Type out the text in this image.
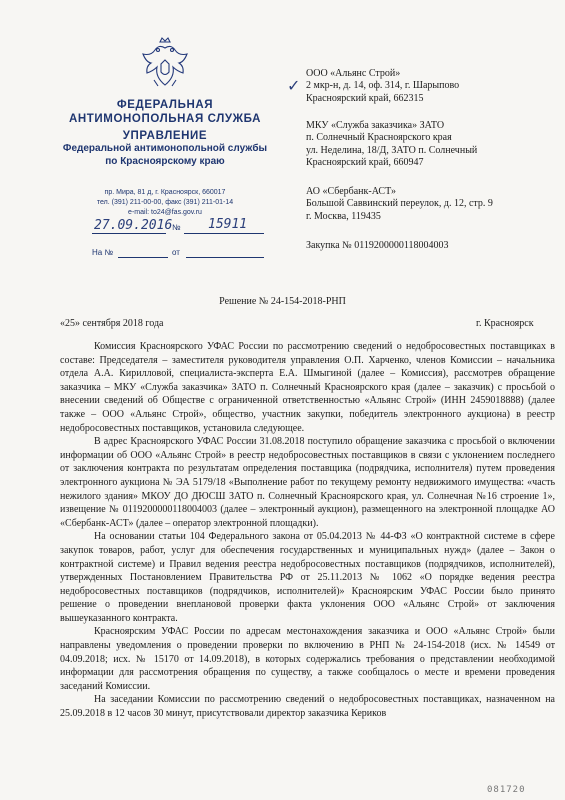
ФЕДЕРАЛЬНАЯ
АНТИМОНОПОЛЬНАЯ СЛУЖБА
УПРАВЛЕНИЕ
Федеральной антимонопольной службы
по Красноярскому краю
пр. Мира, 81 д, г. Красноярск, 660017
тел. (391) 211-00-00, факс (391) 211-01-14
e-mail: to24@fas.gov.ru
27.09.2016 № 15911
На №	от
✓
ООО «Альянс Строй»
2 мкр-н, д. 14, оф. 314, г. Шарыпово
Красноярский край, 662315
МКУ «Служба заказчика» ЗАТО
п. Солнечный Красноярского края
ул. Неделина, 18/Д, ЗАТО п. Солнечный
Красноярский край, 660947
АО «Сбербанк-АСТ»
Большой Саввинский переулок, д. 12, стр. 9
г. Москва, 119435
Закупка № 0119200000118004003
Решение № 24-154-2018-РНП
«25» сентября 2018 года	г. Красноярск

Комиссия Красноярского УФАС России по рассмотрению сведений о недобросовестных поставщиках в составе: Председателя – заместителя руководителя управления О.П. Харченко, членов Комиссии – начальника отдела А.А. Кирилловой, специалиста-эксперта Е.А. Шмыгиной (далее – Комиссия), рассмотрев обращение заказчика – МКУ «Служба заказчика» ЗАТО п. Солнечный Красноярского края (далее – заказчик) с просьбой о внесении сведений об Обществе с ограниченной ответственностью «Альянс Строй» (ИНН 2459018888) (далее также – ООО «Альянс Строй», общество, участник закупки, победитель электронного аукциона) в реестр недобросовестных поставщиков, установила следующее.

В адрес Красноярского УФАС России 31.08.2018 поступило обращение заказчика с просьбой о включении информации об ООО «Альянс Строй» в реестр недобросовестных поставщиков в связи с уклонением последнего от заключения контракта по результатам определения поставщика (подрядчика, исполнителя) путем проведения электронного аукциона № ЭА 5179/18 «Выполнение работ по текущему ремонту недвижимого имущества: «часть нежилого здания» МКОУ ДО ДЮСШ ЗАТО п. Солнечный Красноярского края, ул. Солнечная №16 строение 1», извещение № 0119200000118004003 (далее – электронный аукцион), размещенного на электронной площадке АО «Сбербанк-АСТ» (далее – оператор электронной площадки).

На основании статьи 104 Федерального закона от 05.04.2013 № 44-ФЗ «О контрактной системе в сфере закупок товаров, работ, услуг для обеспечения государственных и муниципальных нужд» (далее – Закон о контрактной системе) и Правил ведения реестра недобросовестных поставщиков (подрядчиков, исполнителей), утвержденных Постановлением Правительства РФ от 25.11.2013 № 1062 «О порядке ведения реестра недобросовестных поставщиков (подрядчиков, исполнителей)» Красноярским УФАС России было принято решение о проведении внеплановой проверки факта уклонения ООО «Альянс Строй» от заключения вышеуказанного контракта.

Красноярским УФАС России по адресам местонахождения заказчика и ООО «Альянс Строй» были направлены уведомления о проведении проверки по включению в РНП № 24-154-2018 (исх. № 14549 от 04.09.2018; исх. № 15170 от 14.09.2018), в которых содержались требования о представлении необходимой информации для рассмотрения обращения по существу, а также сообщалось о месте и времени проведения заседаний Комиссии.

На заседании Комиссии по рассмотрению сведений о недобросовестных поставщиках, назначенном на 25.09.2018 в 12 часов 30 минут, присутствовали директор заказчика Кериков

081720
